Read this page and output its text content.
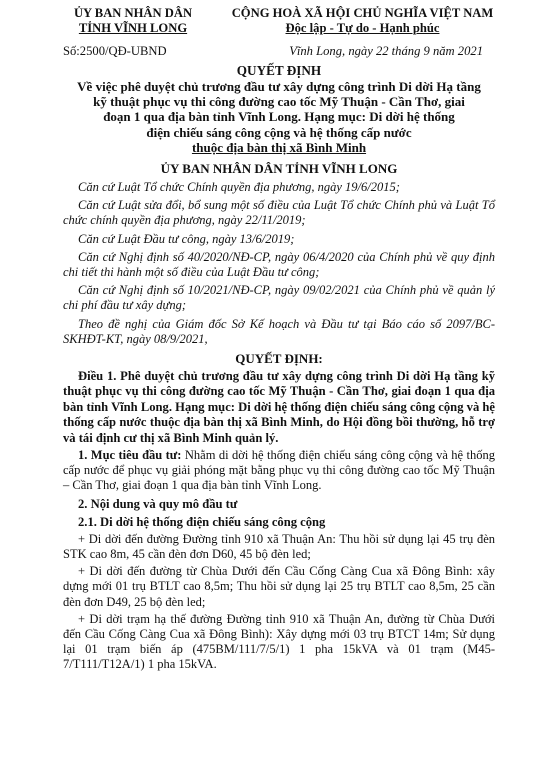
ỦY BAN NHÂN DÂN
TỈNH VĨNH LONG
CỘNG HOÀ XÃ HỘI CHỦ NGHĨA VIỆT NAM
Độc lập - Tự do - Hạnh phúc
Số:2500/QĐ-UBND	Vĩnh Long, ngày 22 tháng 9 năm 2021
QUYẾT ĐỊNH
Về việc phê duyệt chủ trương đầu tư xây dựng công trình Di dời Hạ tầng
kỹ thuật phục vụ thi công đường cao tốc Mỹ Thuận - Cần Thơ, giai
đoạn 1 qua địa bàn tỉnh Vĩnh Long. Hạng mục: Di dời hệ thống
điện chiếu sáng công cộng và hệ thống cấp nước
thuộc địa bàn thị xã Bình Minh
ỦY BAN NHÂN DÂN TỈNH VĨNH LONG
Căn cứ Luật Tổ chức Chính quyền địa phương, ngày 19/6/2015;
Căn cứ Luật sửa đổi, bổ sung một số điều của Luật Tổ chức Chính phủ và Luật Tổ chức chính quyền địa phương, ngày 22/11/2019;
Căn cứ Luật Đầu tư công, ngày 13/6/2019;
Căn cứ Nghị định số 40/2020/NĐ-CP, ngày 06/4/2020 của Chính phủ về quy định chi tiết thi hành một số điều của Luật Đầu tư công;
Căn cứ Nghị định số 10/2021/NĐ-CP, ngày 09/02/2021 của Chính phủ về quản lý chi phí đầu tư xây dựng;
Theo đề nghị của Giám đốc Sở Kế hoạch và Đầu tư tại Báo cáo số 2097/BC-SKHĐT-KT, ngày 08/9/2021,
QUYẾT ĐỊNH:
Điều 1. Phê duyệt chủ trương đầu tư xây dựng công trình Di dời Hạ tầng kỹ thuật phục vụ thi công đường cao tốc Mỹ Thuận - Cần Thơ, giai đoạn 1 qua địa bàn tỉnh Vĩnh Long. Hạng mục: Di dời hệ thống điện chiếu sáng công cộng và hệ thống cấp nước thuộc địa bàn thị xã Bình Minh, do Hội đồng bồi thường, hỗ trợ và tái định cư thị xã Bình Minh quản lý.
1. Mục tiêu đầu tư: Nhằm di dời hệ thống điện chiếu sáng công cộng và hệ thống cấp nước để phục vụ giải phóng mặt bằng phục vụ thi công đường cao tốc Mỹ Thuận – Cần Thơ, giai đoạn 1 qua địa bàn tỉnh Vĩnh Long.
2. Nội dung và quy mô đầu tư
2.1. Di dời hệ thống điện chiếu sáng công cộng
+ Di dời đến đường Đường tỉnh 910 xã Thuận An: Thu hồi sử dụng lại 45 trụ đèn STK cao 8m, 45 cần đèn đơn D60, 45 bộ đèn led;
+ Di dời đến đường từ Chùa Dưới đến Cầu Cống Càng Cua xã Đông Bình: xây dựng mới 01 trụ BTLT cao 8,5m; Thu hồi sử dụng lại 25 trụ BTLT cao 8,5m, 25 cần đèn đơn D49, 25 bộ đèn led;
+ Di dời trạm hạ thế đường Đường tỉnh 910 xã Thuận An, đường từ Chùa Dưới đến Cầu Cống Càng Cua xã Đông Bình): Xây dựng mới 03 trụ BTCT 14m; Sử dụng lại 01 trạm biến áp (475BM/111/7/5/1) 1 pha 15kVA và 01 trạm (M45-7/T111/T12A/1) 1 pha 15kVA.
